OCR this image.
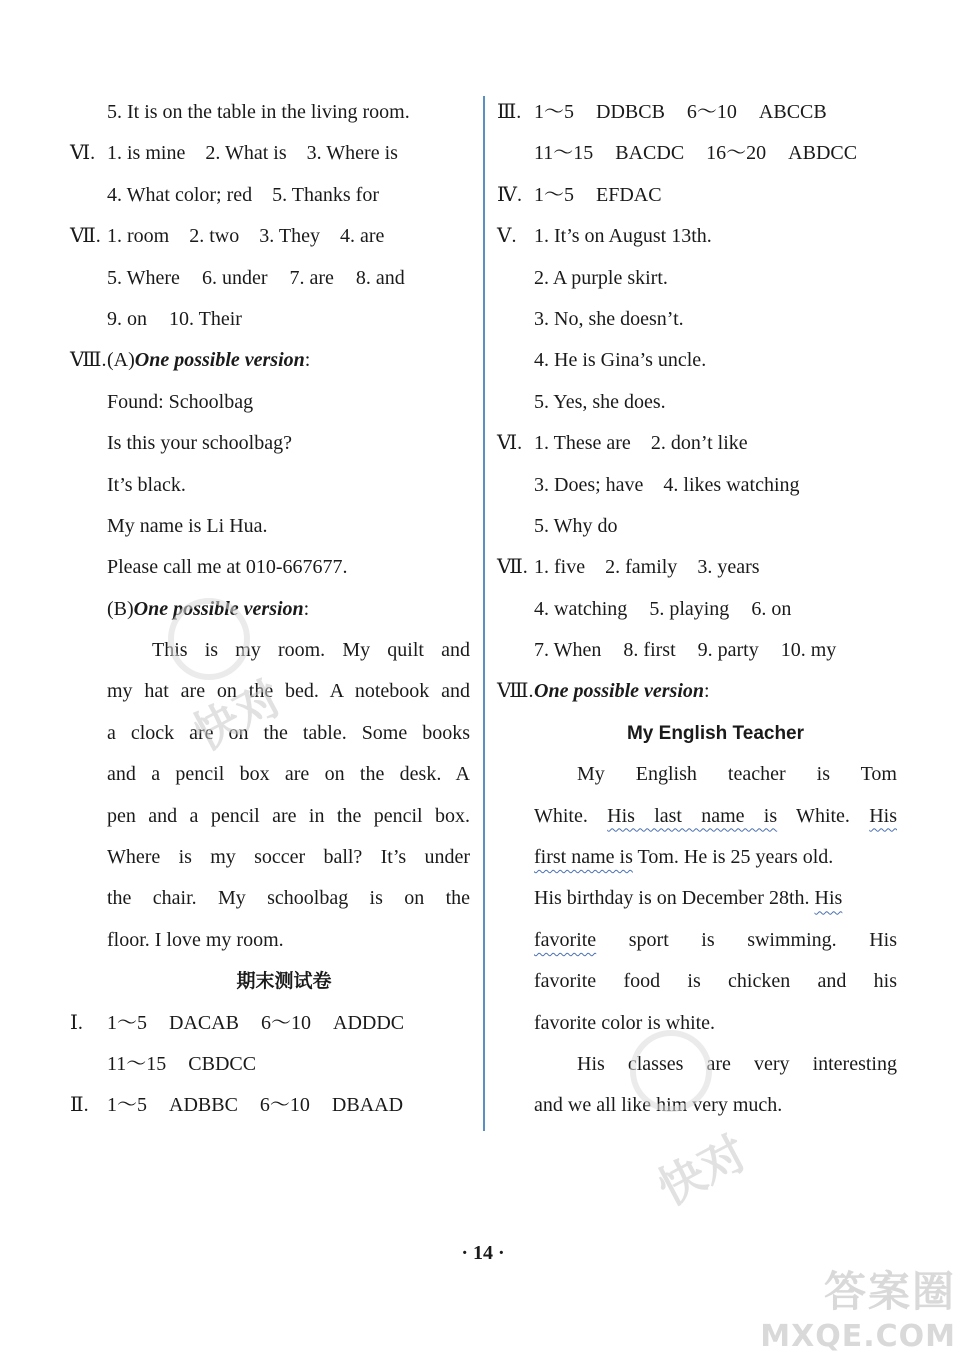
5. It is on the table in the living room.
Ⅵ. 1. is mine 2. What is 3. Where is
4. What color; red 5. Thanks for
Ⅶ. 1. room 2. two 3. They 4. are
5. Where 6. under 7. are 8. and
9. on 10. Their
Ⅷ.(A)One possible version:
Found: Schoolbag
Is this your schoolbag?
It’s black.
My name is Li Hua.
Please call me at 010-667677.
(B)One possible version:
This is my room. My quilt and
my hat are on the bed. A notebook and
a clock are on the table. Some books
and a pencil box are on the desk. A
pen and a pencil are in the pencil box.
Where is my soccer ball? It’s under
the chair. My schoolbag is on the
floor. I love my room.
期末测试卷
Ⅰ. 1～5 DACAB 6～10 ADDDC
11～15 CBDCC
Ⅱ. 1～5 ADBBC 6～10 DBAAD
Ⅲ. 1～5 DDBCB 6～10 ABCCB
11～15 BACDC 16～20 ABDCC
Ⅳ. 1～5 EFDAC
Ⅴ. 1. It’s on August 13th.
2. A purple skirt.
3. No, she doesn’t.
4. He is Gina’s uncle.
5. Yes, she does.
Ⅵ. 1. These are 2. don’t like
3. Does; have 4. likes watching
5. Why do
Ⅶ. 1. five 2. family 3. years
4. watching 5. playing 6. on
7. When 8. first 9. party 10. my
Ⅷ.One possible version:
My English Teacher
My English teacher is Tom
White. His last name is White. His
first name is Tom. He is 25 years old.
His birthday is on December 28th. His
favorite sport is swimming. His
favorite food is chicken and his
favorite color is white.
His classes are very interesting
and we all like him very much.
· 14 ·
快对
快对
答案圈
MXQE.COM
